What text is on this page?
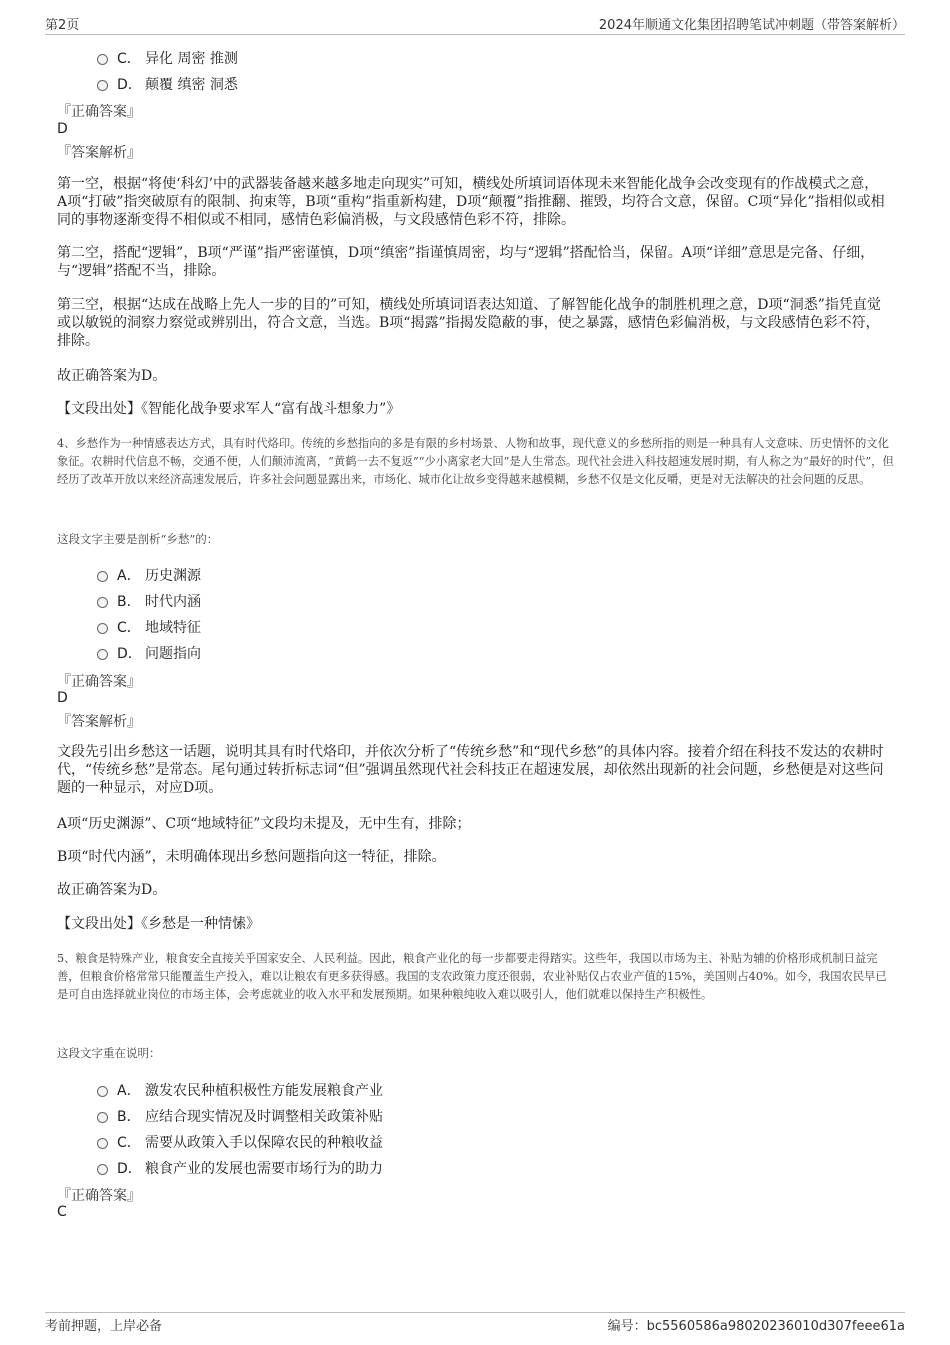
第2页	2024年顺通文化集团招聘笔试冲刺题（带答案解析）
C． 异化 周密 推测
D． 颠覆 缜密 洞悉
『正确答案』
D
『答案解析』
第一空，根据“将使‘科幻’中的武器装备越来越多地走向现实”可知，横线处所填词语体现未来智能化战争会改变现有的作战模式之意，A项“打破”指突破原有的限制、拘束等，B项“重构”指重新构建，D项“颠覆”指推翻、摧毁，均符合文意，保留。C项“异化”指相似或相同的事物逐渐变得不相似或不相同，感情色彩偏消极，与文段感情色彩不符，排除。
第二空，搭配“逻辑”，B项“严谨”指严密谨慎，D项“缜密”指谨慎周密，均与“逻辑”搭配恰当，保留。A项“详细”意思是完备、仔细，与“逻辑”搭配不当，排除。
第三空，根据“达成在战略上先人一步的目的”可知，横线处所填词语表达知道、了解智能化战争的制胜机理之意，D项“洞悉”指凭直觉或以敏锐的洞察力察觉或辨别出，符合文意，当选。B项“揭露”指揭发隐蔽的事，使之暴露，感情色彩偏消极，与文段感情色彩不符，排除。
故正确答案为D。
【文段出处】《智能化战争要求军人“富有战斗想象力”》
4、乡愁作为一种情感表达方式，具有时代烙印。传统的乡愁指向的多是有限的乡村场景、人物和故事，现代意义的乡愁所指的则是一种具有人文意味、历史情怀的文化象征。农耕时代信息不畅，交通不便，人们颠沛流离，“黄鹤一去不复返”“少小离家老大回”是人生常态。现代社会进入科技超速发展时期，有人称之为“最好的时代”，但经历了改革开放以来经济高速发展后，许多社会问题显露出来，市场化、城市化让故乡变得越来越模糊，乡愁不仅是文化反嚼，更是对无法解决的社会问题的反思。
这段文字主要是剖析“乡愁”的：
A． 历史渊源
B． 时代内涵
C． 地域特征
D． 问题指向
『正确答案』
D
『答案解析』
文段先引出乡愁这一话题，说明其具有时代烙印，并依次分析了“传统乡愁”和“现代乡愁”的具体内容。接着介绍在科技不发达的农耕时代，“传统乡愁”是常态。尾句通过转折标志词“但”强调虽然现代社会科技正在超速发展，却依然出现新的社会问题，乡愁便是对这些问题的一种显示，对应D项。
A项“历史渊源”、C项“地域特征”文段均未提及，无中生有，排除；
B项“时代内涵”，未明确体现出乡愁问题指向这一特征，排除。
故正确答案为D。
【文段出处】《乡愁是一种情愫》
5、粮食是特殊产业，粮食安全直接关乎国家安全、人民利益。因此，粮食产业化的每一步都要走得踏实。这些年，我国以市场为主、补贴为辅的价格形成机制日益完善，但粮食价格常常只能覆盖生产投入，难以让粮农有更多获得感。我国的支农政策力度还很弱，农业补贴仅占农业产值的15%，美国则占40%。如今，我国农民早已是可自由选择就业岗位的市场主体，会考虑就业的收入水平和发展预期。如果种粮纯收入难以吸引人，他们就难以保持生产积极性。
这段文字重在说明：
A． 激发农民种植积极性方能发展粮食产业
B． 应结合现实情况及时调整相关政策补贴
C． 需要从政策入手以保障农民的种粮收益
D． 粮食产业的发展也需要市场行为的助力
『正确答案』
C
考前押题，上岸必备	编号：bc5560586a98020236010d307feee61a
